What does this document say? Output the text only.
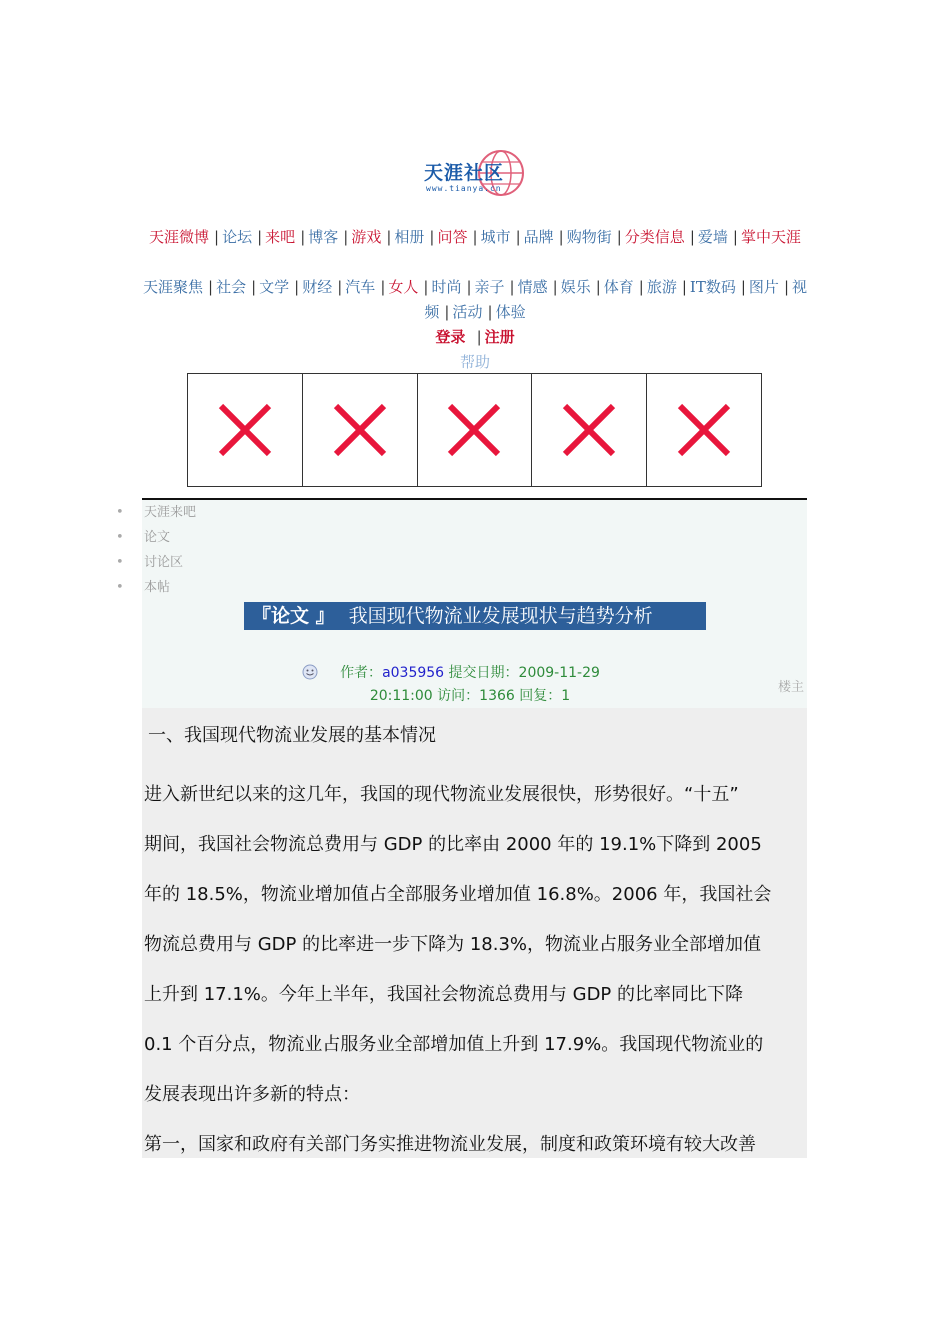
天涯社区
www.tianya.cn
天涯微博 | 论坛 | 来吧 | 博客 | 游戏 | 相册 | 问答 | 城市 | 品牌 | 购物街 | 分类信息 | 爱墙 | 掌中天涯
天涯聚焦 | 社会 | 文学 | 财经 | 汽车 | 女人 | 时尚 | 亲子 | 情感 | 娱乐 | 体育 | 旅游 | IT数码 | 图片 | 视频 | 活动 | 体验
登录 | 注册
帮助
• 天涯来吧
• 论文
• 讨论区
• 本帖
『论文 』 我国现代物流业发展现状与趋势分析
作者：a035956 提交日期：2009-11-29
20:11:00 访问：1366 回复：1
楼主
一、我国现代物流业发展的基本情况

进入新世纪以来的这几年，我国的现代物流业发展很快，形势很好。“十五”

期间，我国社会物流总费用与 GDP 的比率由 2000 年的 19.1%下降到 2005

年的 18.5%，物流业增加值占全部服务业增加值 16.8%。2006 年，我国社会

物流总费用与 GDP 的比率进一步下降为 18.3%，物流业占服务业全部增加值

上升到 17.1%。今年上半年，我国社会物流总费用与 GDP 的比率同比下降

0.1 个百分点，物流业占服务业全部增加值上升到 17.9%。我国现代物流业的

发展表现出许多新的特点：

第一，国家和政府有关部门务实推进物流业发展，制度和政策环境有较大改善
